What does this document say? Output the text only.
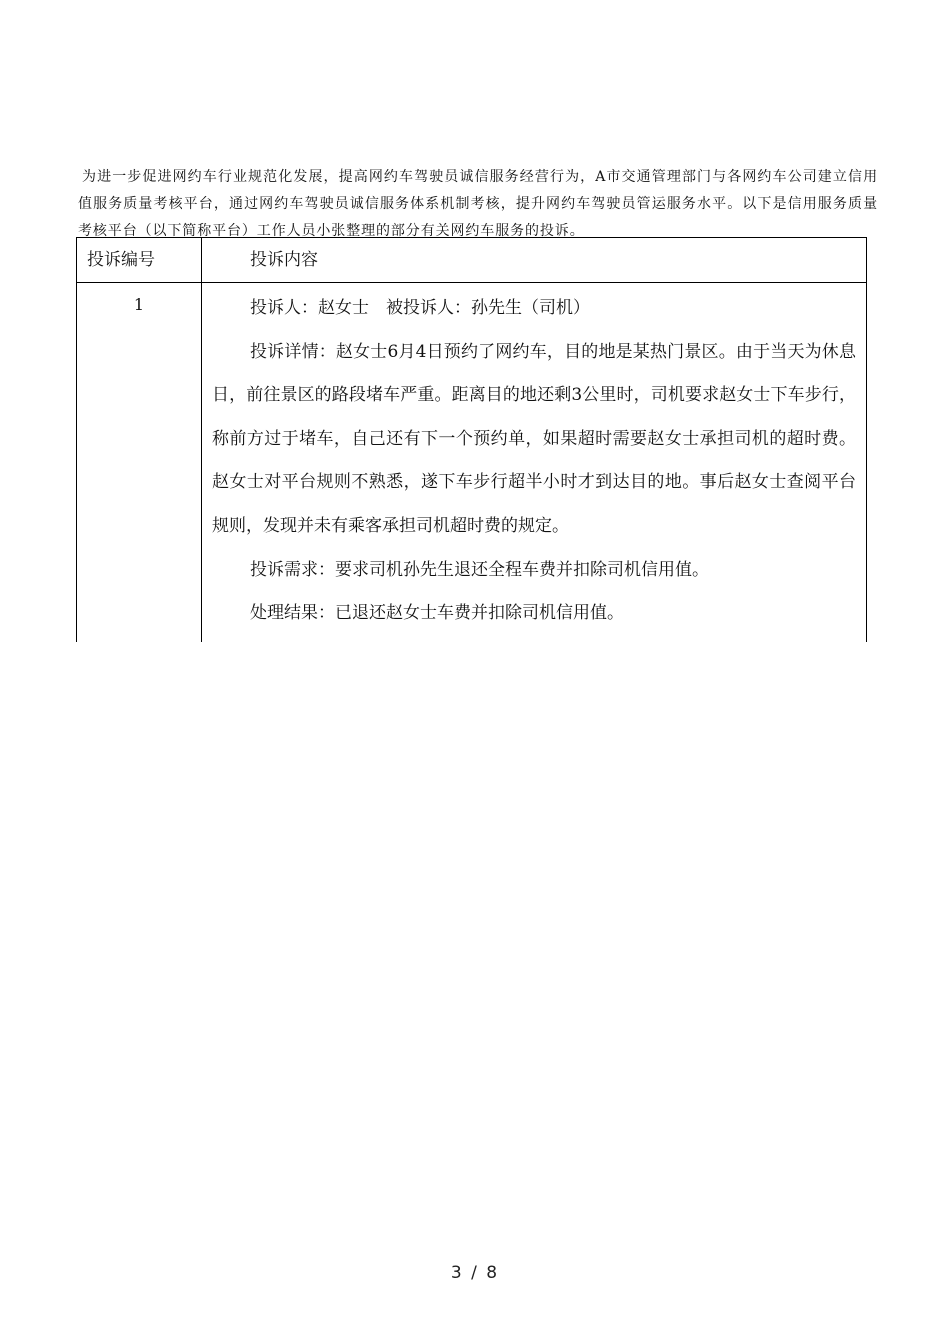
为进一步促进网约车行业规范化发展，提高网约车驾驶员诚信服务经营行为，A市交通管理部门与各网约车公司建立信用值服务质量考核平台，通过网约车驾驶员诚信服务体系机制考核，提升网约车驾驶员管运服务水平。以下是信用服务质量考核平台（以下简称平台）工作人员小张整理的部分有关网约车服务的投诉。

投诉编号	投诉内容
1	投诉人：赵女士　被投诉人：孙先生（司机）

投诉详情：赵女士6月4日预约了网约车，目的地是某热门景区。由于当天为休息日，前往景区的路段堵车严重。距离目的地还剩3公里时，司机要求赵女士下车步行，称前方过于堵车，自己还有下一个预约单，如果超时需要赵女士承担司机的超时费。赵女士对平台规则不熟悉，遂下车步行超半小时才到达目的地。事后赵女士查阅平台规则，发现并未有乘客承担司机超时费的规定。

投诉需求：要求司机孙先生退还全程车费并扣除司机信用值。

处理结果：已退还赵女士车费并扣除司机信用值。

3 / 8
